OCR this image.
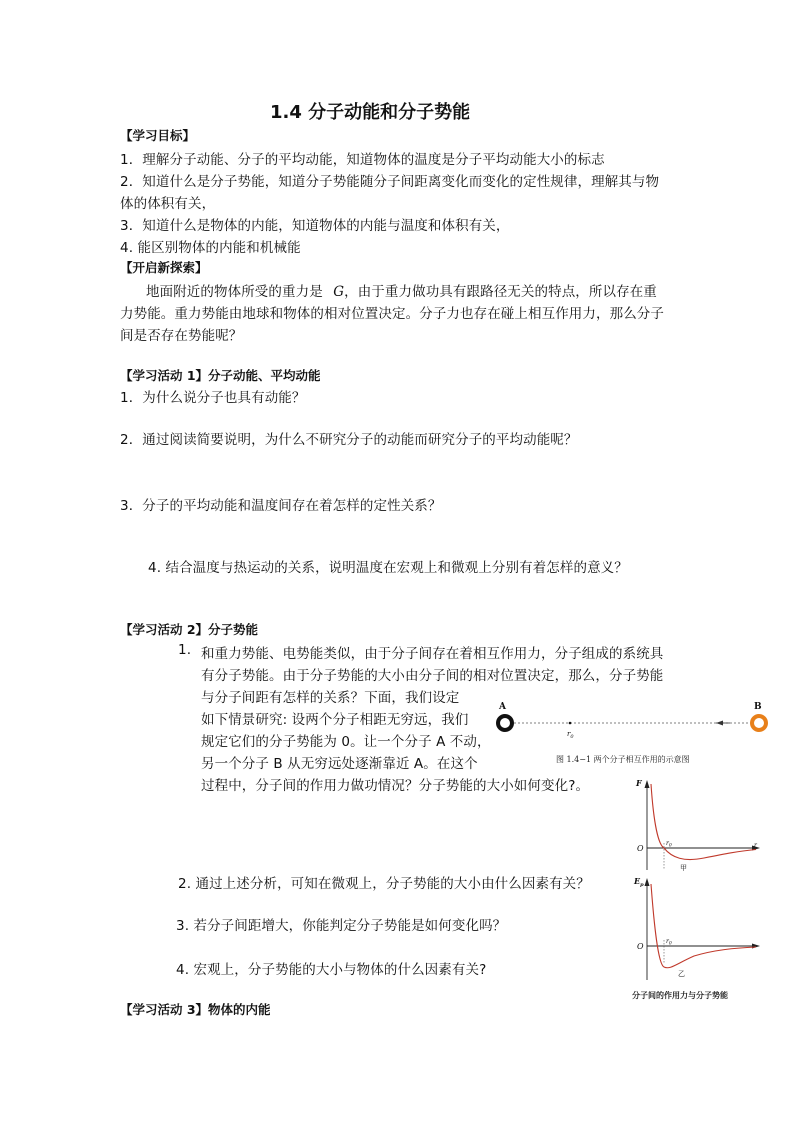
1.4 分子动能和分子势能
【学习目标】
1．理解分子动能、分子的平均动能，知道物体的温度是分子平均动能大小的标志
2．知道什么是分子势能，知道分子势能随分子间距离变化而变化的定性规律，理解其与物
体的体积有关，
3．知道什么是物体的内能，知道物体的内能与温度和体积有关，
4. 能区别物体的内能和机械能
【开启新探索】
地面附近的物体所受的重力是 G，由于重力做功具有跟路径无关的特点，所以存在重
力势能。重力势能由地球和物体的相对位置决定。分子力也存在碰上相互作用力，那么分子
间是否存在势能呢？
【学习活动 1】分子动能、平均动能
1．为什么说分子也具有动能？
2．通过阅读简要说明，为什么不研究分子的动能而研究分子的平均动能呢？
3．分子的平均动能和温度间存在着怎样的定性关系？
4. 结合温度与热运动的关系，说明温度在宏观上和微观上分别有着怎样的意义？
【学习活动 2】分子势能
1. 和重力势能、电势能类似，由于分子间存在着相互作用力，分子组成的系统具
有分子势能。由于分子势能的大小由分子间的相对位置决定，那么，分子势能
与分子间距有怎样的关系？下面，我们设定
如下情景研究: 设两个分子相距无穷远，我们
规定它们的分子势能为 0。让一个分子 A 不动，
另一个分子 B 从无穷远处逐渐靠近 A。在这个
过程中，分子间的作用力做功情况？分子势能的大小如何变化?。
2. 通过上述分析，可知在微观上，分子势能的大小由什么因素有关？
3. 若分子间距增大，你能判定分子势能是如何变化吗？
4. 宏观上，分子势能的大小与物体的什么因素有关?
【学习活动 3】物体的内能
A
$r_0$
B
图 1.4−1 两个分子相互作用的示意图
F
O	r
$r_0$
甲
$E_p$
O
$r_0$
乙
分子间的作用力与分子势能
